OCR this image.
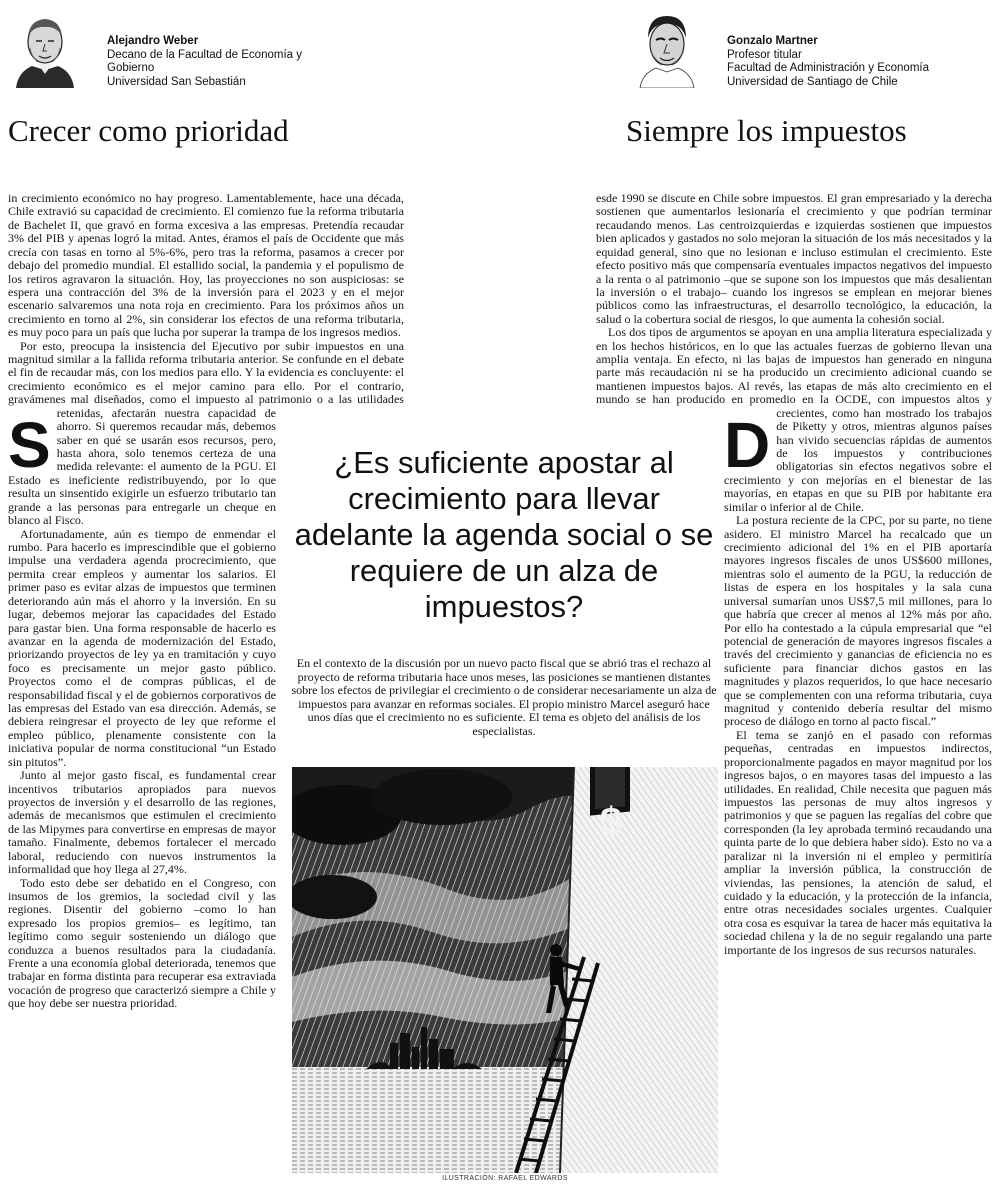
Alejandro Weber
Decano de la Facultad de Economía y
Gobierno
Universidad San Sebastián
Crecer como prioridad
Gonzalo Martner
Profesor titular
Facultad de Administración y Economía
Universidad de Santiago de Chile
Siempre los impuestos

S
in crecimiento económico no hay progreso. Lamentablemente, hace una década, Chile extravió su capacidad de crecimiento. El comienzo fue la reforma tributaria de Bachelet II, que gravó en forma excesiva a las empresas. Pretendía recaudar 3% del PIB y apenas logró la mitad. Antes, éramos el país de Occidente que más crecía con tasas en torno al 5%-6%, pero tras la reforma, pasamos a crecer por debajo del promedio mundial. El estallido social, la pandemia y el populismo de los retiros agravaron la situación. Hoy, las proyecciones no son auspiciosas: se espera una contracción del 3% de la inversión para el 2023 y en el mejor escenario salvaremos una nota roja en crecimiento. Para los próximos años un crecimiento en torno al 2%, sin considerar los efectos de una reforma tributaria, es muy poco para un país que lucha por superar la trampa de los ingresos medios.

Por esto, preocupa la insistencia del Ejecutivo por subir impuestos en una magnitud similar a la fallida reforma tributaria anterior. Se confunde en el debate el fin de recaudar más, con los medios para ello. Y la evidencia es concluyente: el crecimiento económico es el mejor camino para ello. Por el contrario, gravámenes mal diseñados, como el impuesto al patrimonio o a las utilidades retenidas, afectarán nuestra capacidad de ahorro. Si queremos recaudar más, debemos saber en qué se usarán esos recursos, pero, hasta ahora, solo tenemos certeza de una medida relevante: el aumento de la PGU. El Estado es ineficiente redistribuyendo, por lo que resulta un sinsentido exigirle un esfuerzo tributario tan grande a las personas para entregarle un cheque en blanco al Fisco.

Afortunadamente, aún es tiempo de enmendar el rumbo. Para hacerlo es imprescindible que el gobierno impulse una verdadera agenda procrecimiento, que permita crear empleos y aumentar los salarios. El primer paso es evitar alzas de impuestos que terminen deteriorando aún más el ahorro y la inversión. En su lugar, debemos mejorar las capacidades del Estado para gastar bien. Una forma responsable de hacerlo es avanzar en la agenda de modernización del Estado, priorizando proyectos de ley ya en tramitación y cuyo foco es precisamente un mejor gasto público. Proyectos como el de compras públicas, el de responsabilidad fiscal y el de gobiernos corporativos de las empresas del Estado van esa dirección. Además, se debiera reingresar el proyecto de ley que reforme el empleo público, plenamente consistente con la iniciativa popular de norma constitucional “un Estado sin pitutos”.

Junto al mejor gasto fiscal, es fundamental crear incentivos tributarios apropiados para nuevos proyectos de inversión y el desarrollo de las regiones, además de mecanismos que estimulen el crecimiento de las Mipymes para convertirse en empresas de mayor tamaño. Finalmente, debemos fortalecer el mercado laboral, reduciendo con nuevos instrumentos la informalidad que hoy llega al 27,4%.

Todo esto debe ser debatido en el Congreso, con insumos de los gremios, la sociedad civil y las regiones. Disentir del gobierno –como lo han expresado los propios gremios– es legítimo, tan legítimo como seguir sosteniendo un diálogo que conduzca a buenos resultados para la ciudadanía. Frente a una economía global deteriorada, tenemos que trabajar en forma distinta para recuperar esa extraviada vocación de progreso que caracterizó siempre a Chile y que hoy debe ser nuestra prioridad.

D
esde 1990 se discute en Chile sobre impuestos. El gran empresariado y la derecha sostienen que aumentarlos lesionaría el crecimiento y que podrían terminar recaudando menos. Las centroizquierdas e izquierdas sostienen que impuestos bien aplicados y gastados no solo mejoran la situación de los más necesitados y la equidad general, sino que no lesionan e incluso estimulan el crecimiento. Este efecto positivo más que compensaría eventuales impactos negativos del impuesto a la renta o al patrimonio –que se supone son los impuestos que más desalientan la inversión o el trabajo– cuando los ingresos se emplean en mejorar bienes públicos como las infraestructuras, el desarrollo tecnológico, la educación, la salud o la cobertura social de riesgos, lo que aumenta la cohesión social.

Los dos tipos de argumentos se apoyan en una amplia literatura especializada y en los hechos históricos, en lo que las actuales fuerzas de gobierno llevan una amplia ventaja. En efecto, ni las bajas de impuestos han generado en ninguna parte más recaudación ni se ha producido un crecimiento adicional cuando se mantienen impuestos bajos. Al revés, las etapas de más alto crecimiento en el mundo se han producido en promedio en la OCDE, con impuestos altos y crecientes, como han mostrado los trabajos de Piketty y otros, mientras algunos países han vivido secuencias rápidas de aumentos de los impuestos y contribuciones obligatorias sin efectos negativos sobre el crecimiento y con mejorías en el bienestar de las mayorías, en etapas en que su PIB por habitante era similar o inferior al de Chile.

La postura reciente de la CPC, por su parte, no tiene asidero. El ministro Marcel ha recalcado que un crecimiento adicional del 1% en el PIB aportaría mayores ingresos fiscales de unos US$600 millones, mientras solo el aumento de la PGU, la reducción de listas de espera en los hospitales y la sala cuna universal sumarían unos US$7,5 mil millones, para lo que habría que crecer al menos al 12% más por año. Por ello ha contestado a la cúpula empresarial que “el potencial de generación de mayores ingresos fiscales a través del crecimiento y ganancias de eficiencia no es suficiente para financiar dichos gastos en las magnitudes y plazos requeridos, lo que hace necesario que se complementen con una reforma tributaria, cuya magnitud y contenido debería resultar del mismo proceso de diálogo en torno al pacto fiscal.”

El tema se zanjó en el pasado con reformas pequeñas, centradas en impuestos indirectos, proporcionalmente pagados en mayor magnitud por los ingresos bajos, o en mayores tasas del impuesto a las utilidades. En realidad, Chile necesita que paguen más impuestos las personas de muy altos ingresos y patrimonios y que se paguen las regalías del cobre que corresponden (la ley aprobada terminó recaudando una quinta parte de lo que debiera haber sido). Esto no va a paralizar ni la inversión ni el empleo y permitiría ampliar la inversión pública, la construcción de viviendas, las pensiones, la atención de salud, el cuidado y la educación, y la protección de la infancia, entre otras necesidades sociales urgentes. Cualquier otra cosa es esquivar la tarea de hacer más equitativa la sociedad chilena y la de no seguir regalando una parte importante de los ingresos de sus recursos naturales.

¿Es suficiente apostar al crecimiento para llevar adelante la agenda social o se requiere de un alza de impuestos?
En el contexto de la discusión por un nuevo pacto fiscal que se abrió tras el rechazo al proyecto de reforma tributaria hace unos meses, las posiciones se mantienen distantes sobre los efectos de privilegiar el crecimiento o de considerar necesariamente un alza de impuestos para avanzar en reformas sociales. El propio ministro Marcel aseguró hace unos días que el crecimiento no es suficiente. El tema es objeto del análisis de los especialistas.
$
ILUSTRACIÓN: RAFAEL EDWARDS
